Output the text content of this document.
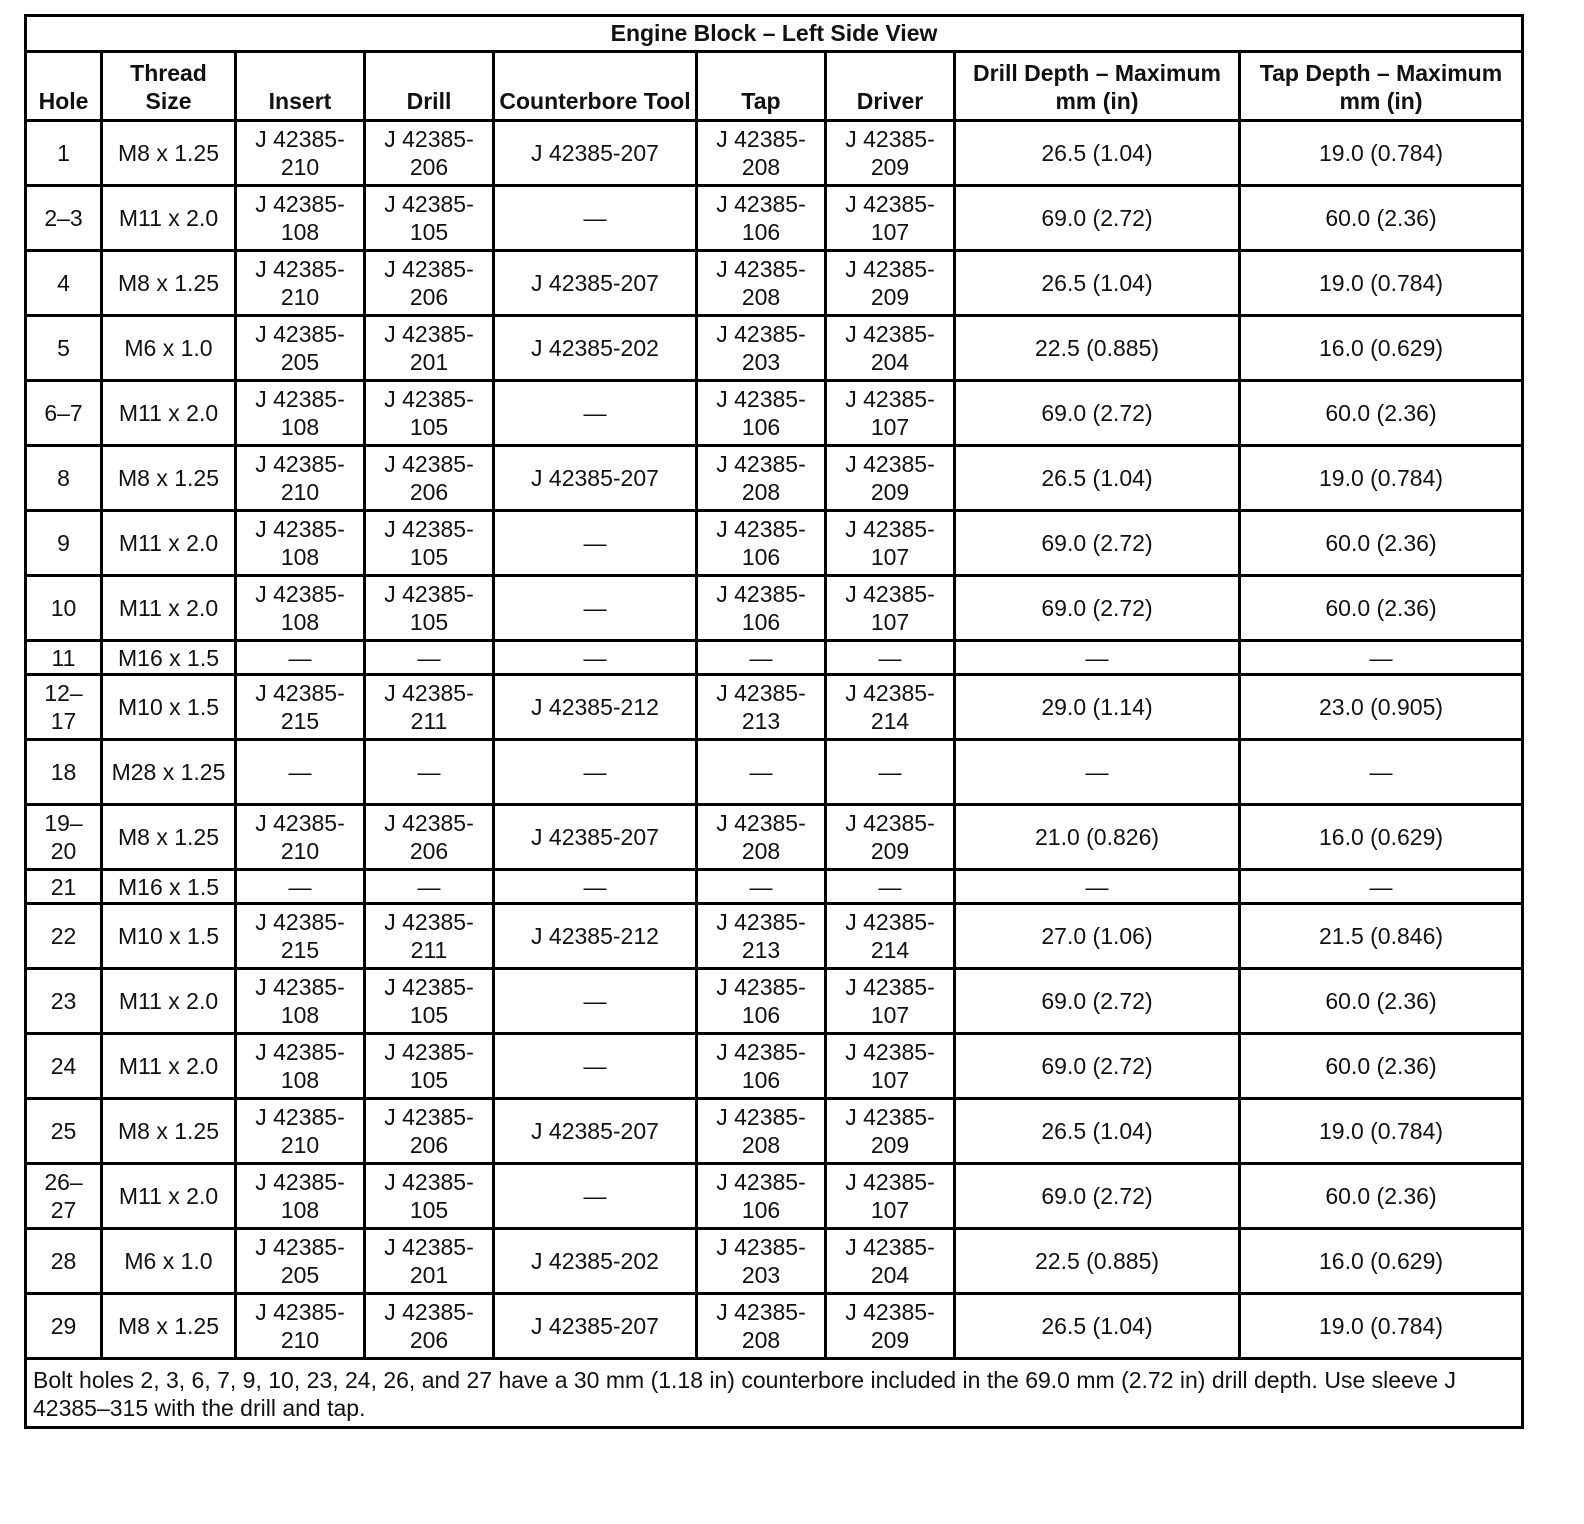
Engine Block – Left Side View								
Hole	Thread Size	Insert	Drill	Counterbore Tool	Tap	Driver	Drill Depth – Maximum mm (in)	Tap Depth – Maximum mm (in)
1	M8 x 1.25	J 42385-210	J 42385-206	J 42385-207	J 42385-208	J 42385-209	26.5 (1.04)	19.0 (0.784)
2–3	M11 x 2.0	J 42385-108	J 42385-105	—	J 42385-106	J 42385-107	69.0 (2.72)	60.0 (2.36)
4	M8 x 1.25	J 42385-210	J 42385-206	J 42385-207	J 42385-208	J 42385-209	26.5 (1.04)	19.0 (0.784)
5	M6 x 1.0	J 42385-205	J 42385-201	J 42385-202	J 42385-203	J 42385-204	22.5 (0.885)	16.0 (0.629)
6–7	M11 x 2.0	J 42385-108	J 42385-105	—	J 42385-106	J 42385-107	69.0 (2.72)	60.0 (2.36)
8	M8 x 1.25	J 42385-210	J 42385-206	J 42385-207	J 42385-208	J 42385-209	26.5 (1.04)	19.0 (0.784)
9	M11 x 2.0	J 42385-108	J 42385-105	—	J 42385-106	J 42385-107	69.0 (2.72)	60.0 (2.36)
10	M11 x 2.0	J 42385-108	J 42385-105	—	J 42385-106	J 42385-107	69.0 (2.72)	60.0 (2.36)
11	M16 x 1.5	—	—	—	—	—	—	—
12– 17	M10 x 1.5	J 42385-215	J 42385-211	J 42385-212	J 42385-213	J 42385-214	29.0 (1.14)	23.0 (0.905)
18	M28 x 1.25	—	—	—	—	—	—	—
19– 20	M8 x 1.25	J 42385-210	J 42385-206	J 42385-207	J 42385-208	J 42385-209	21.0 (0.826)	16.0 (0.629)
21	M16 x 1.5	—	—	—	—	—	—	—
22	M10 x 1.5	J 42385-215	J 42385-211	J 42385-212	J 42385-213	J 42385-214	27.0 (1.06)	21.5 (0.846)
23	M11 x 2.0	J 42385-108	J 42385-105	—	J 42385-106	J 42385-107	69.0 (2.72)	60.0 (2.36)
24	M11 x 2.0	J 42385-108	J 42385-105	—	J 42385-106	J 42385-107	69.0 (2.72)	60.0 (2.36)
25	M8 x 1.25	J 42385-210	J 42385-206	J 42385-207	J 42385-208	J 42385-209	26.5 (1.04)	19.0 (0.784)
26– 27	M11 x 2.0	J 42385-108	J 42385-105	—	J 42385-106	J 42385-107	69.0 (2.72)	60.0 (2.36)
28	M6 x 1.0	J 42385-205	J 42385-201	J 42385-202	J 42385-203	J 42385-204	22.5 (0.885)	16.0 (0.629)
29	M8 x 1.25	J 42385-210	J 42385-206	J 42385-207	J 42385-208	J 42385-209	26.5 (1.04)	19.0 (0.784)
Bolt holes 2, 3, 6, 7, 9, 10, 23, 24, 26, and 27 have a 30 mm (1.18 in) counterbore included in the 69.0 mm (2.72 in) drill depth. Use sleeve J 42385–315 with the drill and tap.								
